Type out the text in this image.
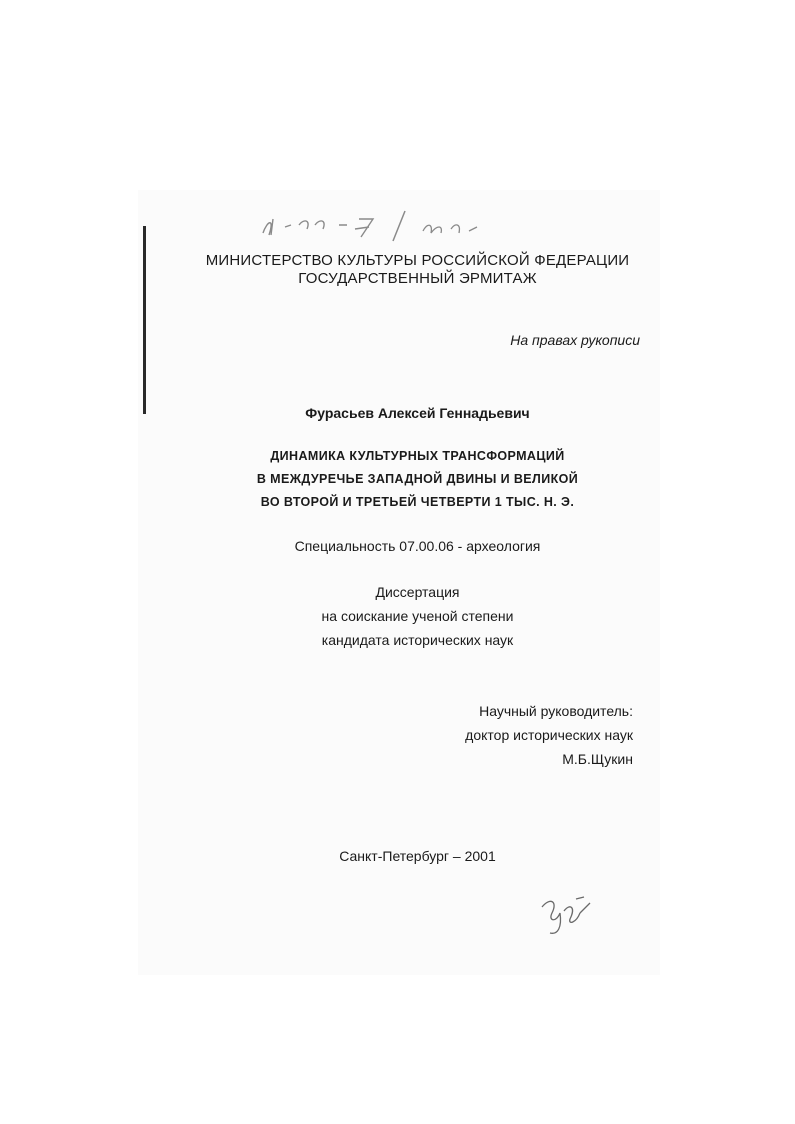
МИНИСТЕРСТВО КУЛЬТУРЫ РОССИЙСКОЙ ФЕДЕРАЦИИ
ГОСУДАРСТВЕННЫЙ ЭРМИТАЖ
На правах рукописи
Фурасьев Алексей Геннадьевич
ДИНАМИКА КУЛЬТУРНЫХ ТРАНСФОРМАЦИЙ
В МЕЖДУРЕЧЬЕ ЗАПАДНОЙ ДВИНЫ И ВЕЛИКОЙ
ВО ВТОРОЙ И ТРЕТЬЕЙ ЧЕТВЕРТИ 1 ТЫС. Н. Э.
Специальность 07.00.06 - археология
Диссертация
на соискание ученой степени
кандидата исторических наук
Научный руководитель:
доктор исторических наук
М.Б.Щукин
Санкт-Петербург – 2001
